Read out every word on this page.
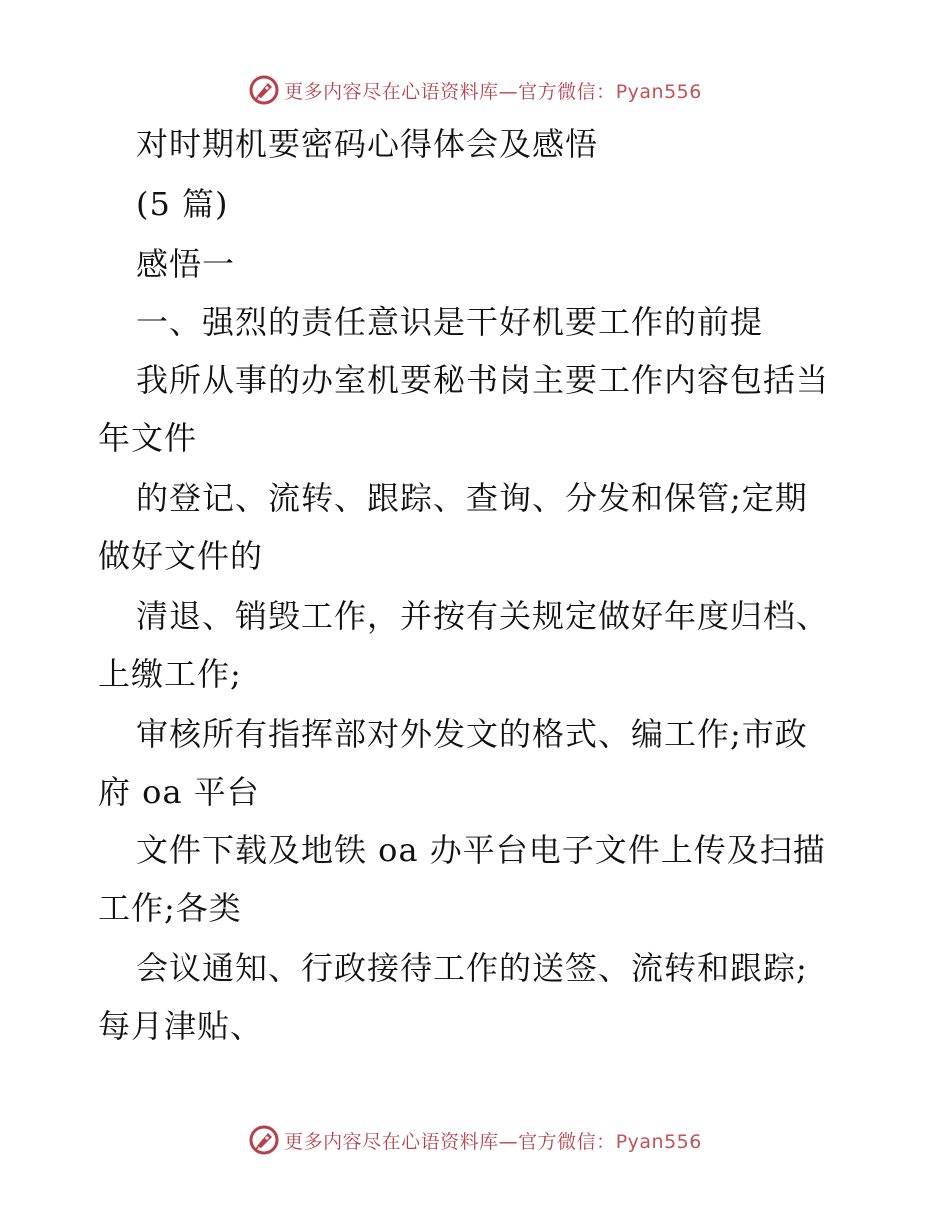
更多内容尽在心语资料库—官方微信：Pyan556
对时期机要密码心得体会及感悟
(5 篇)
感悟一
一、强烈的责任意识是干好机要工作的前提
我所从事的办室机要秘书岗主要工作内容包括当
年文件
的登记、流转、跟踪、查询、分发和保管;定期
做好文件的
清退、销毁工作，并按有关规定做好年度归档、
上缴工作;
审核所有指挥部对外发文的格式、编工作;市政
府 oa 平台
文件下载及地铁 oa 办平台电子文件上传及扫描
工作;各类
会议通知、行政接待工作的送签、流转和跟踪;
每月津贴、
更多内容尽在心语资料库—官方微信：Pyan556
